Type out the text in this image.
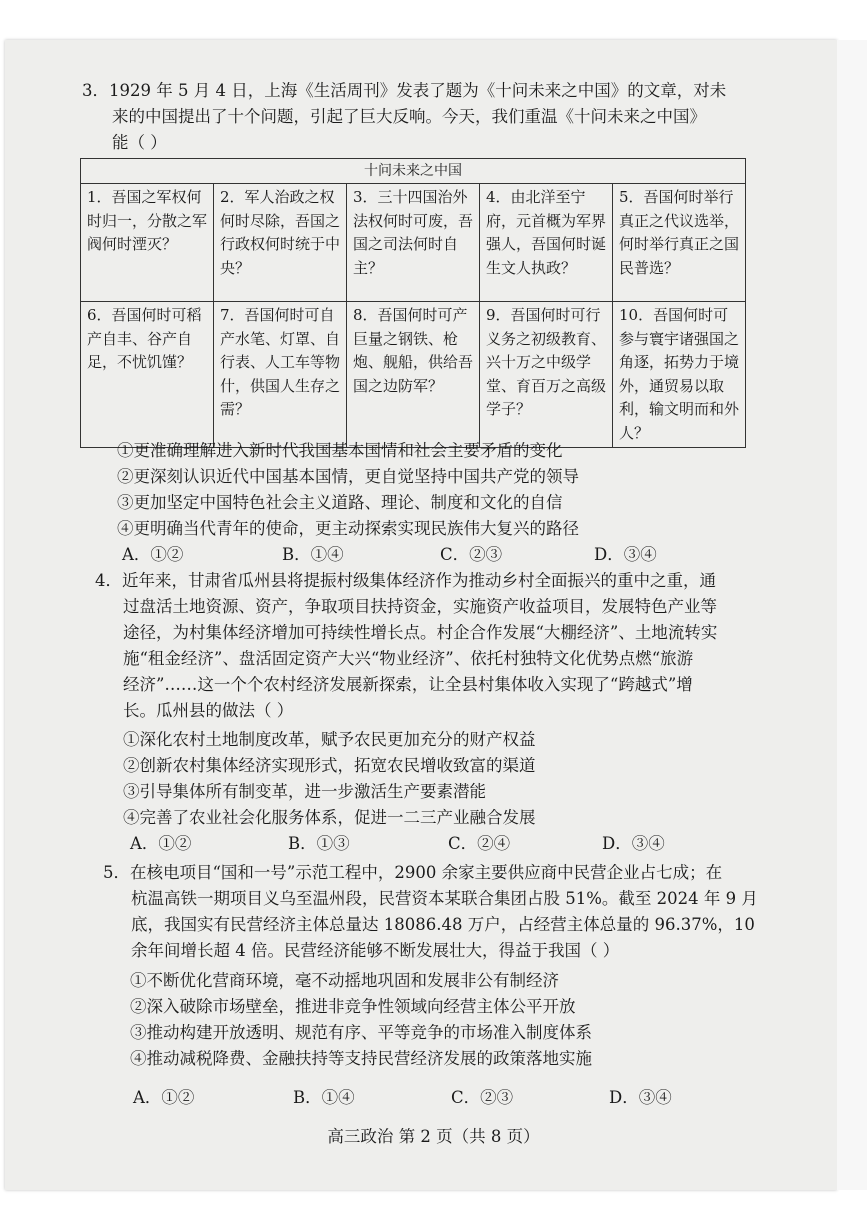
3．1929 年 5 月 4 日，上海《生活周刊》发表了题为《十问未来之中国》的文章，对未
来的中国提出了十个问题，引起了巨大反响。今天，我们重温《十问未来之中国》
能（ ）
十问未来之中国				
1．吾国之军权何时归一，分散之军阀何时湮灭？	2．军人治政之权何时尽除，吾国之行政权何时统于中央？	3．三十四国治外法权何时可废，吾国之司法何时自主？	4．由北洋至宁府，元首概为军界强人，吾国何时诞生文人执政？	5．吾国何时举行真正之代议选举，何时举行真正之国民普选？
6．吾国何时可稻产自丰、谷产自足，不忧饥馑？	7．吾国何时可自产水笔、灯罩、自行表、人工车等物什，供国人生存之需？	8．吾国何时可产巨量之钢铁、枪炮、舰船，供给吾国之边防军？	9．吾国何时可行义务之初级教育、兴十万之中级学堂、育百万之高级学子？	10．吾国何时可参与寰宇诸强国之角逐，拓势力于境外，通贸易以取利，输文明而和外人？
①更准确理解进入新时代我国基本国情和社会主要矛盾的变化
②更深刻认识近代中国基本国情，更自觉坚持中国共产党的领导
③更加坚定中国特色社会主义道路、理论、制度和文化的自信
④更明确当代青年的使命，更主动探索实现民族伟大复兴的路径
A．①②	B．①④	C．②③	D．③④
4．近年来，甘肃省瓜州县将提振村级集体经济作为推动乡村全面振兴的重中之重，通
过盘活土地资源、资产，争取项目扶持资金，实施资产收益项目，发展特色产业等
途径，为村集体经济增加可持续性增长点。村企合作发展“大棚经济”、土地流转实
施“租金经济”、盘活固定资产大兴“物业经济”、依托村独特文化优势点燃“旅游
经济”……这一个个农村经济发展新探索，让全县村集体收入实现了“跨越式”增
长。瓜州县的做法（ ）
①深化农村土地制度改革，赋予农民更加充分的财产权益
②创新农村集体经济实现形式，拓宽农民增收致富的渠道
③引导集体所有制变革，进一步激活生产要素潜能
④完善了农业社会化服务体系，促进一二三产业融合发展
A．①②	B．①③	C．②④	D．③④
5．在核电项目“国和一号”示范工程中，2900 余家主要供应商中民营企业占七成；在
杭温高铁一期项目义乌至温州段，民营资本某联合集团占股 51%。截至 2024 年 9 月
底，我国实有民营经济主体总量达 18086.48 万户，占经营主体总量的 96.37%，10
余年间增长超 4 倍。民营经济能够不断发展壮大，得益于我国（ ）
①不断优化营商环境，毫不动摇地巩固和发展非公有制经济
②深入破除市场壁垒，推进非竞争性领域向经营主体公平开放
③推动构建开放透明、规范有序、平等竞争的市场准入制度体系
④推动减税降费、金融扶持等支持民营经济发展的政策落地实施
A．①②	B．①④	C．②③	D．③④
高三政治 第 2 页（共 8 页）
